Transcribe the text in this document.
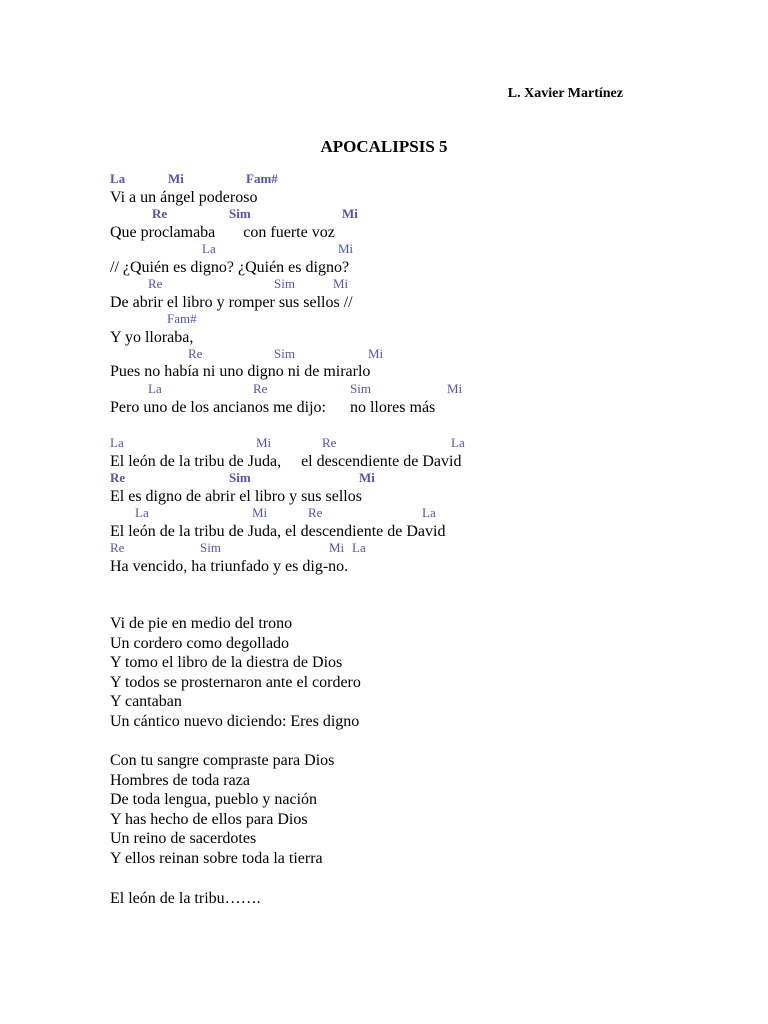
L. Xavier Martínez
APOCALIPSIS 5
La	Mi	Fam#
Vi a un ángel poderoso
Re	Sim	Mi
Que proclamaba       con fuerte voz
La	Mi
// ¿Quién es digno? ¿Quién es digno?
Re	Sim	Mi
De abrir el libro y romper sus sellos //
Fam#
Y yo lloraba,
Re	Sim	Mi
Pues no había ni uno digno ni de mirarlo
La	Re	Sim	Mi
Pero uno de los ancianos me dijo:      no llores más
La	Mi	Re	La
El león de la tribu de Juda,     el descendiente de David
Re	Sim	Mi
El es digno de abrir el libro y sus sellos
La	Mi	Re	La
El león de la tribu de Juda, el descendiente de David
Re	Sim	Mi La
Ha vencido, ha triunfado y es dig-no.
Vi de pie en medio del trono
Un cordero como degollado
Y tomo el libro de la diestra de Dios
Y todos se prosternaron ante el cordero
Y cantaban
Un cántico nuevo diciendo: Eres digno
Con tu sangre compraste para Dios
Hombres de toda raza
De toda lengua, pueblo y nación
Y has hecho de ellos para Dios
Un reino de sacerdotes
Y ellos reinan sobre toda la tierra
El león de la tribu…….
